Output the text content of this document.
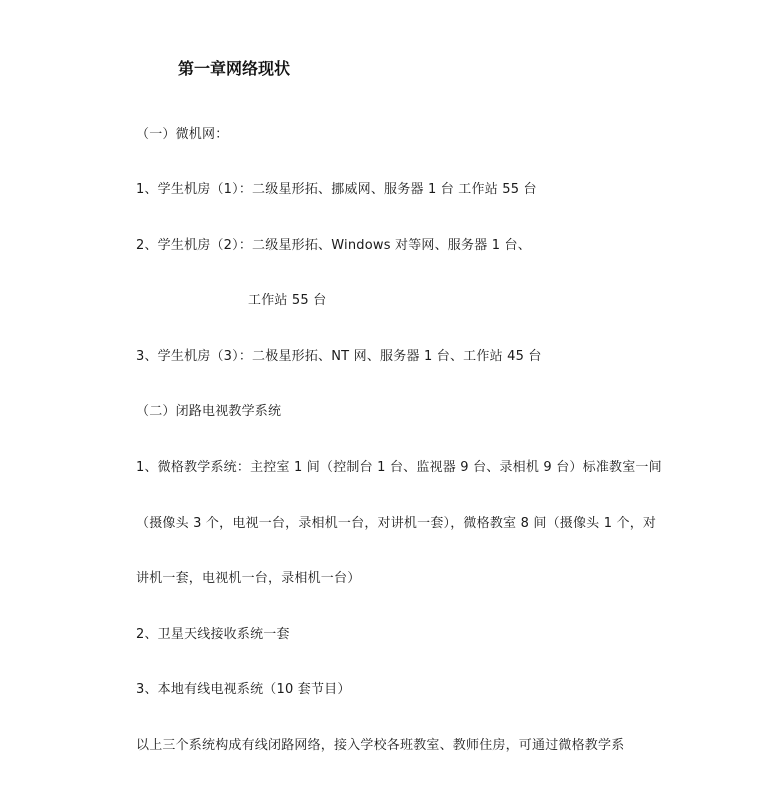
第一章网络现状
（一）微机网：
1、学生机房（1）：二级星形拓、挪威网、服务器 1 台 工作站 55 台
2、学生机房（2）：二级星形拓、Windows 对等网、服务器 1 台、
工作站 55 台
3、学生机房（3）：二极星形拓、NT 网、服务器 1 台、工作站 45 台
（二）闭路电视教学系统
1、微格教学系统：主控室 1 间（控制台 1 台、监视器 9 台、录相机 9 台）标准教室一间
（摄像头 3 个，电视一台，录相机一台，对讲机一套），微格教室 8 间（摄像头 1 个，对
讲机一套，电视机一台，录相机一台）
2、卫星天线接收系统一套
3、本地有线电视系统（10 套节目）
以上三个系统构成有线闭路网络，接入学校各班教室、教师住房，可通过微格教学系
